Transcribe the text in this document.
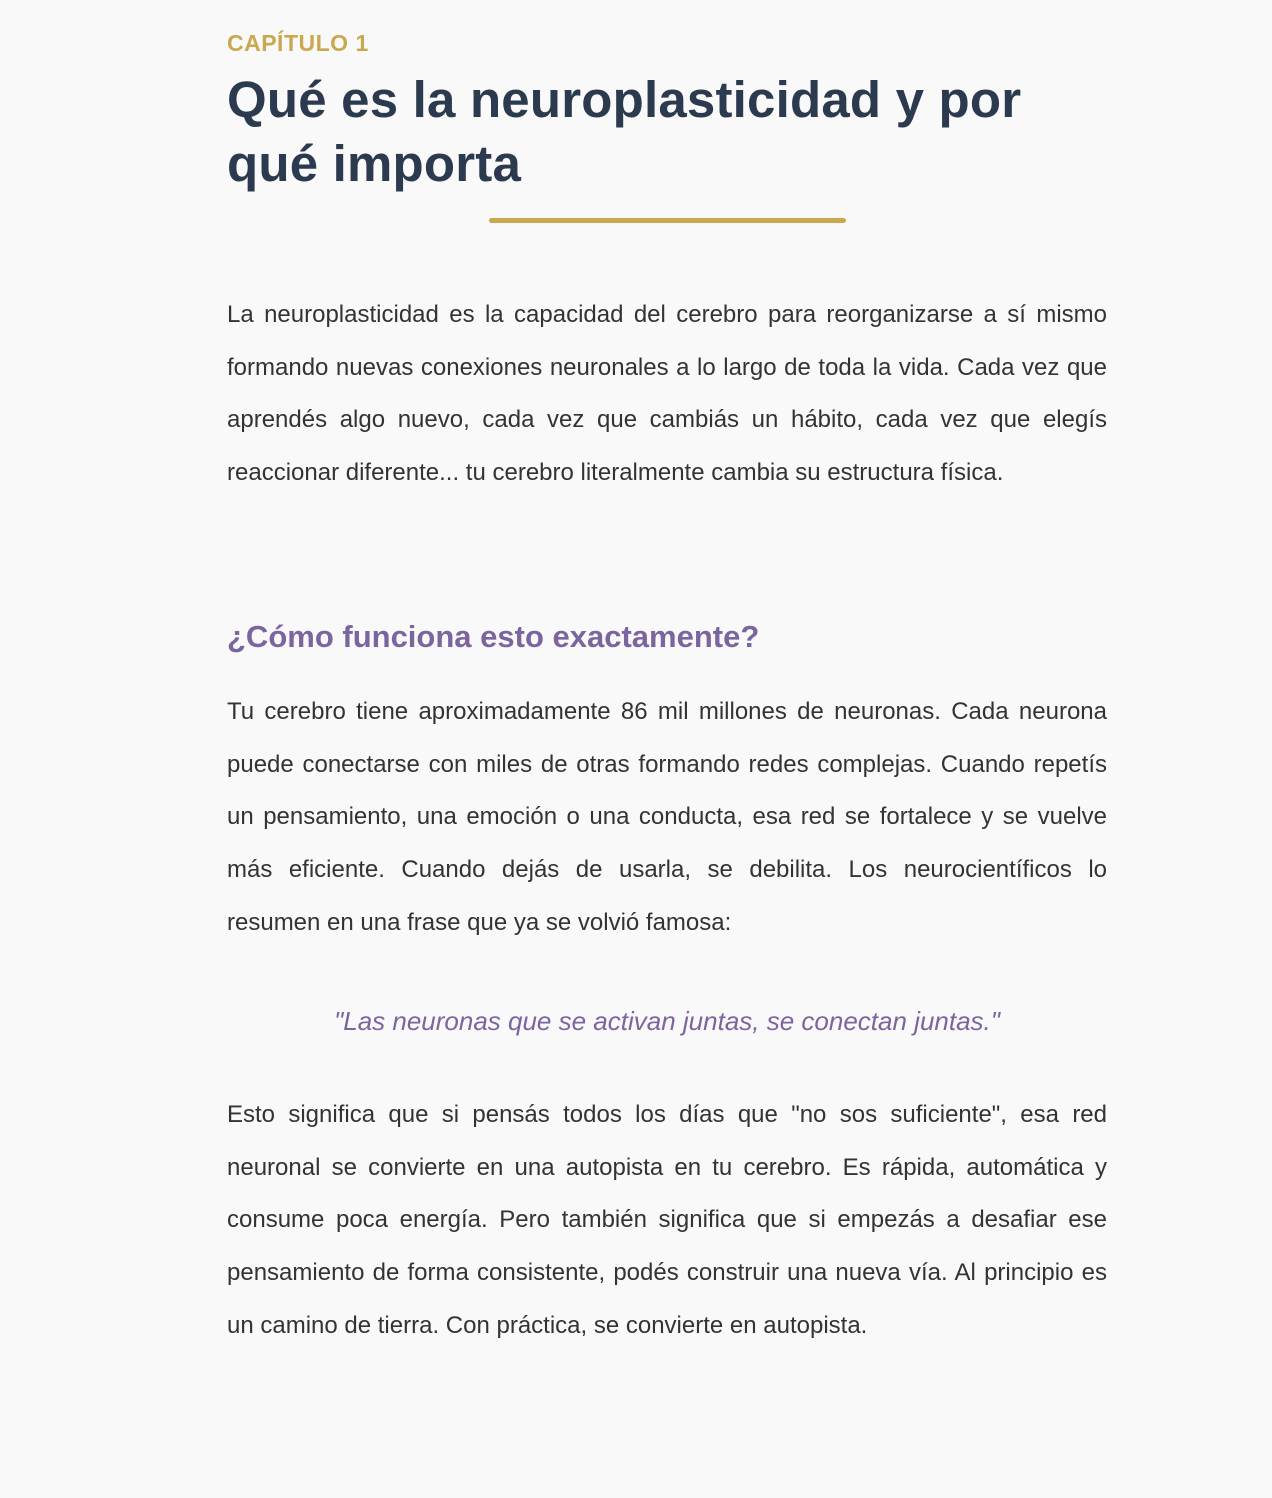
CAPÍTULO 1

Qué es la neuroplasticidad y por qué importa

La neuroplasticidad es la capacidad del cerebro para reorganizarse a sí mismo formando nuevas conexiones neuronales a lo largo de toda la vida. Cada vez que aprendés algo nuevo, cada vez que cambiás un hábito, cada vez que elegís reaccionar diferente... tu cerebro literalmente cambia su estructura física.

¿Cómo funciona esto exactamente?

Tu cerebro tiene aproximadamente 86 mil millones de neuronas. Cada neurona puede conectarse con miles de otras formando redes complejas. Cuando repetís un pensamiento, una emoción o una conducta, esa red se fortalece y se vuelve más eficiente. Cuando dejás de usarla, se debilita. Los neurocientíficos lo resumen en una frase que ya se volvió famosa:

"Las neuronas que se activan juntas, se conectan juntas."

Esto significa que si pensás todos los días que "no sos suficiente", esa red neuronal se convierte en una autopista en tu cerebro. Es rápida, automática y consume poca energía. Pero también significa que si empezás a desafiar ese pensamiento de forma consistente, podés construir una nueva vía. Al principio es un camino de tierra. Con práctica, se convierte en autopista.
